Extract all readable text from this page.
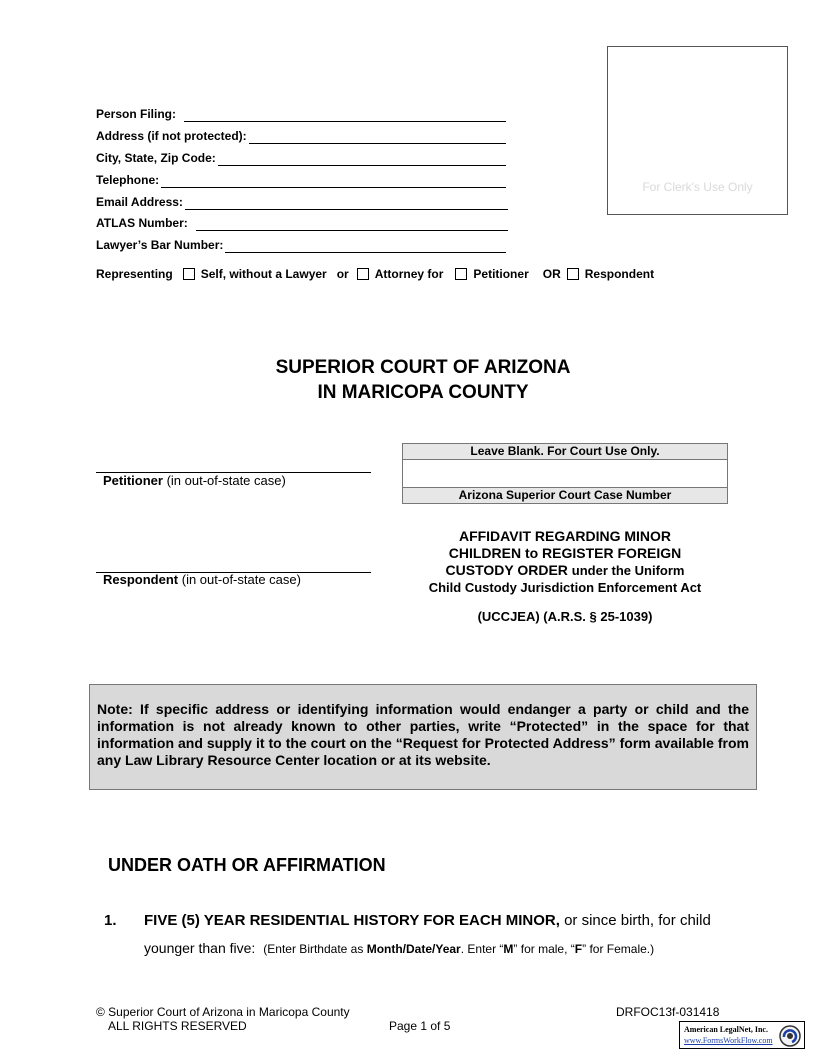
For Clerk's Use Only
Person Filing:
Address (if not protected):
City, State, Zip Code:
Telephone:
Email Address:
ATLAS Number:
Lawyer’s Bar Number:
Representing Self, without a Lawyer or Attorney for	Petitioner OR Respondent
SUPERIOR COURT OF ARIZONA
IN MARICOPA COUNTY
Petitioner (in out-of-state case)
Respondent (in out-of-state case)
Leave Blank. For Court Use Only.
Arizona Superior Court Case Number
AFFIDAVIT REGARDING MINOR
CHILDREN to REGISTER FOREIGN
CUSTODY ORDER under the Uniform
Child Custody Jurisdiction Enforcement Act
(UCCJEA) (A.R.S. § 25-1039)
Note: If specific address or identifying information would endanger a party or child and the information is not already known to other parties, write “Protected” in the space for that information and supply it to the court on the “Request for Protected Address” form available from any Law Library Resource Center location or at its website.
UNDER OATH OR AFFIRMATION
1. FIVE (5) YEAR RESIDENTIAL HISTORY FOR EACH MINOR, or since birth, for child
younger than five: (Enter Birthdate as Month/Date/Year. Enter “M” for male, “F” for Female.)
© Superior Court of Arizona in Maricopa County
ALL RIGHTS RESERVED	Page 1 of 5
DRFOC13f-031418
American LegalNet, Inc.
www.FormsWorkFlow.com
